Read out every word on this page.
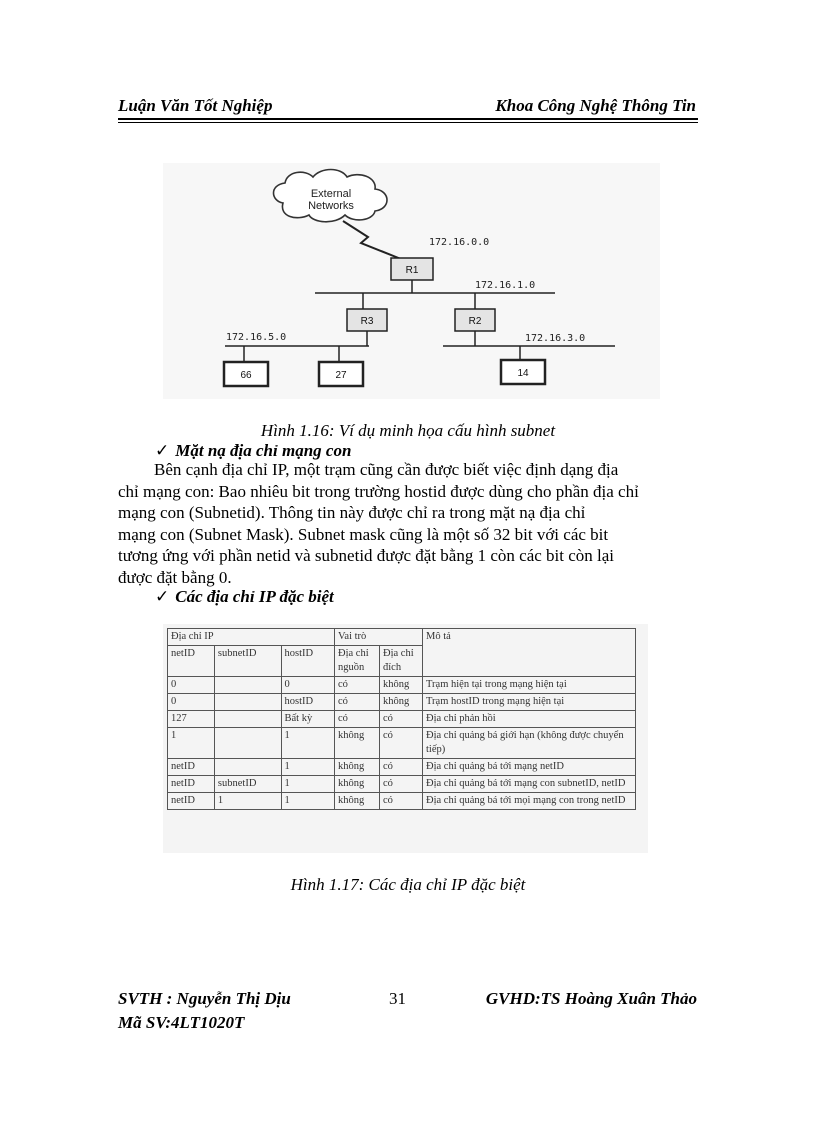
Luận Văn Tốt Nghiệp	Khoa Công Nghệ Thông Tin
External
Networks
172.16.0.0
R1
172.16.1.0
R3	R2
172.16.5.0	172.16.3.0
66	27	14
Hình 1.16: Ví dụ minh họa cấu hình subnet
✓ Mặt nạ địa chỉ mạng con
Bên cạnh địa chỉ IP, một trạm cũng cần được biết việc định dạng địa
chỉ mạng con: Bao nhiêu bit trong trường hostid được dùng cho phần địa chỉ
mạng con (Subnetid). Thông tin này được chỉ ra trong mặt nạ địa chỉ
mạng con (Subnet Mask). Subnet mask cũng là một số 32 bit với các bit
tương ứng với phần netid và subnetid được đặt bằng 1 còn các bit còn lại
được đặt bằng 0.
✓ Các địa chỉ IP đặc biệt
Địa chỉ IP			Vai trò		Mô tả
netID	subnetID	hostID	Địa chỉ nguồn	Địa chỉ đích	
0		0	có	không	Trạm hiện tại trong mạng hiện tại
0		hostID	có	không	Trạm hostID trong mạng hiện tại
127		Bất kỳ	có	có	Địa chỉ phản hồi
1		1	không	có	Địa chỉ quảng bá giới hạn (không được chuyển tiếp)
netID		1	không	có	Địa chỉ quảng bá tới mạng netID
netID	subnetID	1	không	có	Địa chỉ quảng bá tới mạng con subnetID, netID
netID	1	1	không	có	Địa chỉ quảng bá tới mọi mạng con trong netID
Hình 1.17: Các địa chỉ IP đặc biệt
SVTH : Nguyễn Thị Dịu
Mã SV:4LT1020T
31	GVHD:TS Hoàng Xuân Thảo
